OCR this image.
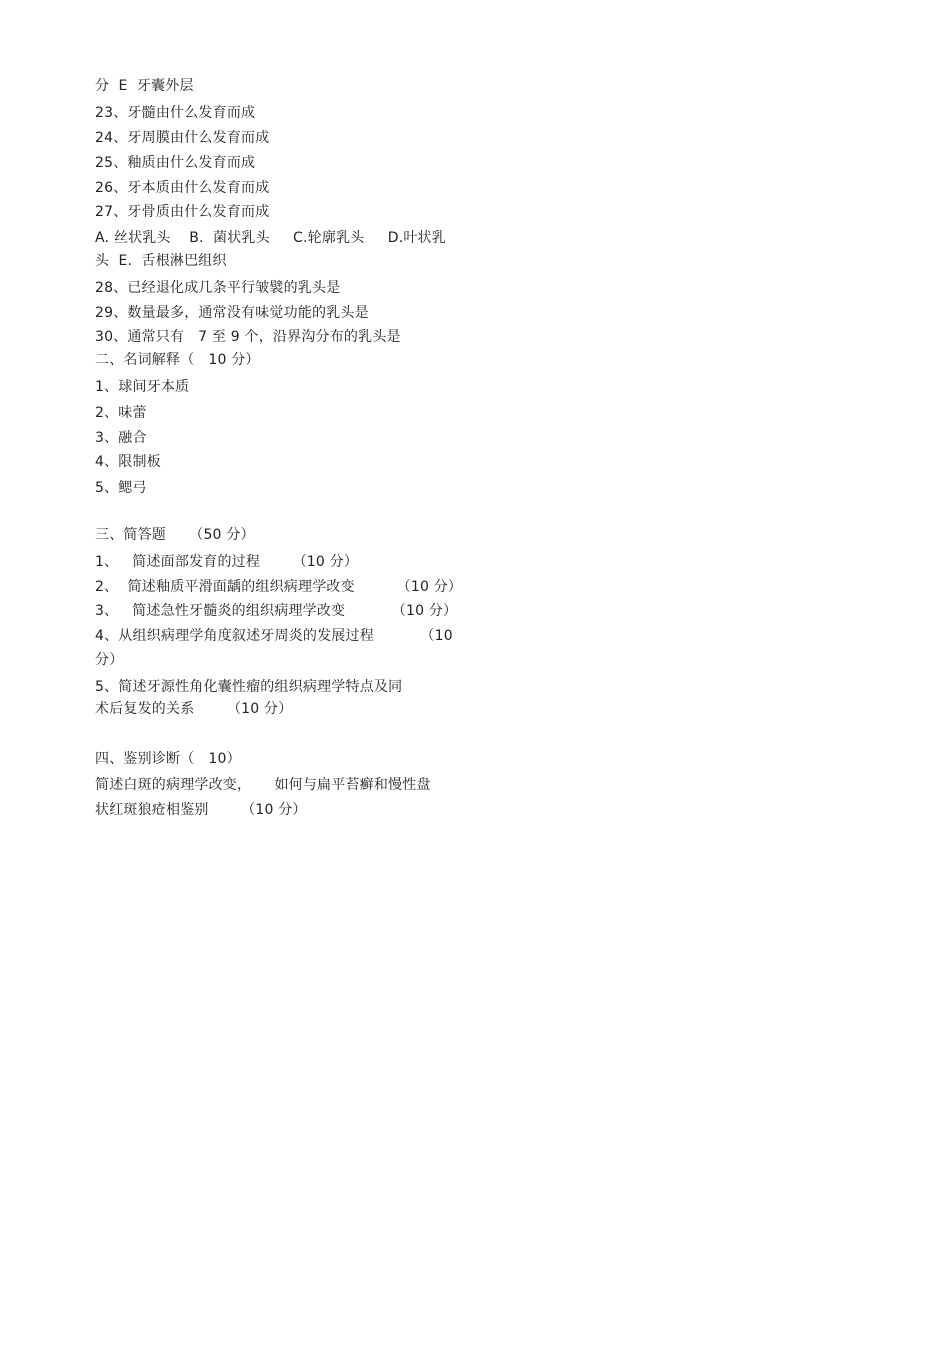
分  E  牙囊外层
23、牙髓由什么发育而成
24、牙周膜由什么发育而成
25、釉质由什么发育而成
26、牙本质由什么发育而成
27、牙骨质由什么发育而成
A. 丝状乳头    B.  菌状乳头     C.轮廓乳头     D.叶状乳
头  E.  舌根淋巴组织
28、已经退化成几条平行皱襞的乳头是
29、数量最多，通常没有味觉功能的乳头是
30、通常只有   7 至 9 个，沿界沟分布的乳头是
二、名词解释（   10 分）
1、球间牙本质
2、味蕾
3、融合
4、限制板
5、鳃弓
三、简答题     （50 分）
1、   简述面部发育的过程       （10 分）
2、  简述釉质平滑面龋的组织病理学改变         （10 分）
3、   简述急性牙髓炎的组织病理学改变          （10 分）
4、从组织病理学角度叙述牙周炎的发展过程          （10
分）
5、简述牙源性角化囊性瘤的组织病理学特点及同
术后复发的关系       （10 分）
四、鉴别诊断（   10）
简述白斑的病理学改变，     如何与扁平苔癣和慢性盘
状红斑狼疮相鉴别       （10 分）
